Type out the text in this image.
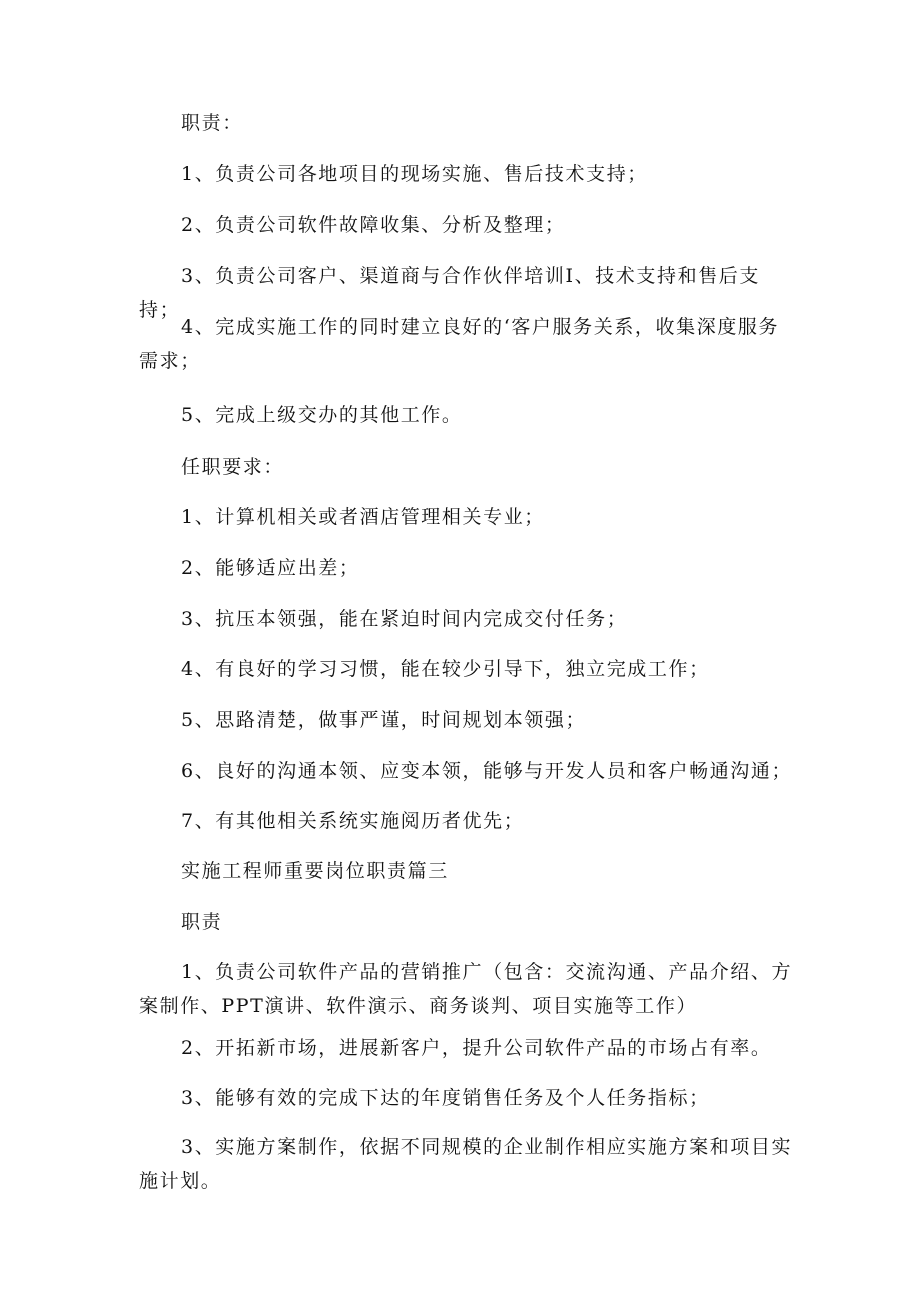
职责：

1、负责公司各地项目的现场实施、售后技术支持；

2、负责公司软件故障收集、分析及整理；

3、负责公司客户、渠道商与合作伙伴培训I、技术支持和售后支持；

4、完成实施工作的同时建立良好的‘客户服务关系，收集深度服务需求；

5、完成上级交办的其他工作。

任职要求：

1、计算机相关或者酒店管理相关专业；

2、能够适应出差；

3、抗压本领强，能在紧迫时间内完成交付任务；

4、有良好的学习习惯，能在较少引导下，独立完成工作；

5、思路清楚，做事严谨，时间规划本领强；

6、良好的沟通本领、应变本领，能够与开发人员和客户畅通沟通；

7、有其他相关系统实施阅历者优先；

实施工程师重要岗位职责篇三

职责

1、负责公司软件产品的营销推广（包含：交流沟通、产品介绍、方案制作、PPT演讲、软件演示、商务谈判、项目实施等工作）

2、开拓新市场，进展新客户，提升公司软件产品的市场占有率。

3、能够有效的完成下达的年度销售任务及个人任务指标；

3、实施方案制作，依据不同规模的企业制作相应实施方案和项目实施计划。
